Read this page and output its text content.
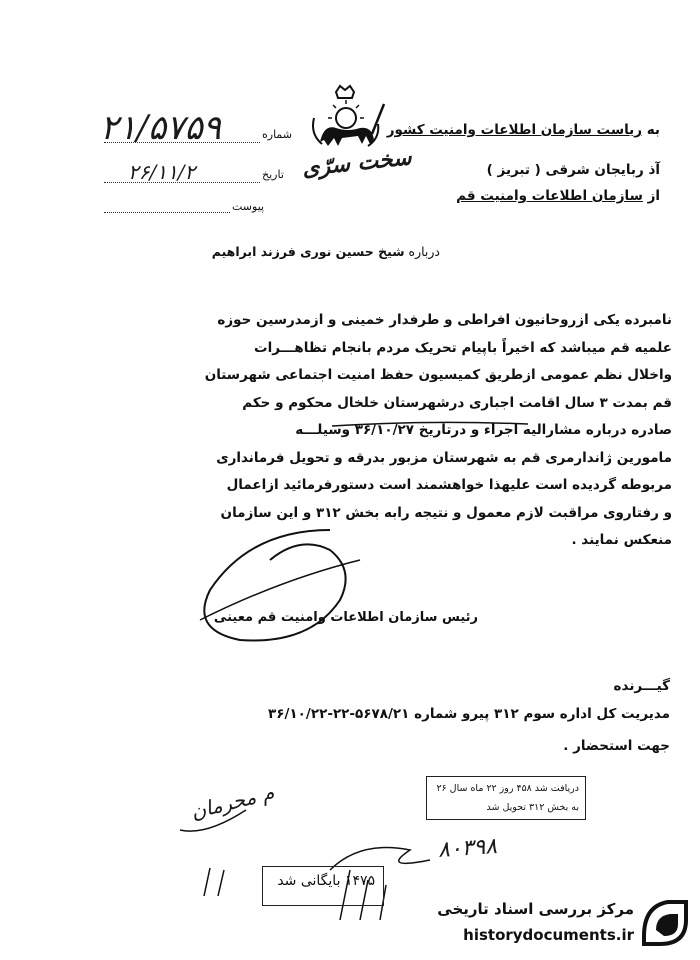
به ریاست سازمان اطلاعات وامنیت کشور
شماره
۲۱/۵۷۵۹
آذ ربایجان شرقی ( تبریز )
سخت سرّی
تاریخ
۲۶/۱۱/۲
از سازمان اطلاعات وامنیت قم
پیوست
درباره شیخ حسین نوری فرزند ابراهیم
نامبرده یکی ازروحانیون افراطی و طرفدار خمینی و ازمدرسین حوزه
علمیه قم میباشد که اخیراً باپیام تحریک مردم بانجام تظاهـــرات
واخلال نظم عمومی ازطریق کمیسیون حفظ امنیت اجتماعی شهرستان
قم بمدت ۳ سال اقامت اجباری درشهرستان خلخال محکوم و حکم
صادره درباره مشارالیه اجراء و درتاریخ ۳۶/۱۰/۲۷ وسیلـــه
مامورین ژاندارمری قم به شهرستان مزبور بدرقه و تحویل فرمانداری
مربوطه گردیده است علیهذا خواهشمند است دستورفرمائید ازاعمال
و رفتاروی مراقبت لازم معمول و نتیجه رابه بخش ۳۱۲ و این سازمان
منعکس نمایند .
رئیس سازمان اطلاعات وامنیت قم معینی
گیـــرنده
مدیریت کل اداره سوم ۳۱۲ پیرو شماره ۵۶۷۸/۲۱-۲۲-۳۶/۱۰/۲۲
جهت استحضار .
دریافت شد ۴۵۸ روز ۲۲ ماه سال ۲۶
به بخش ۳۱۲ تحویل شد
م محرمان
۸۰۳۹۸
۱۴۷۵ بایگانی شد
مرکز بررسی اسناد تاریخی
historydocuments.ir
